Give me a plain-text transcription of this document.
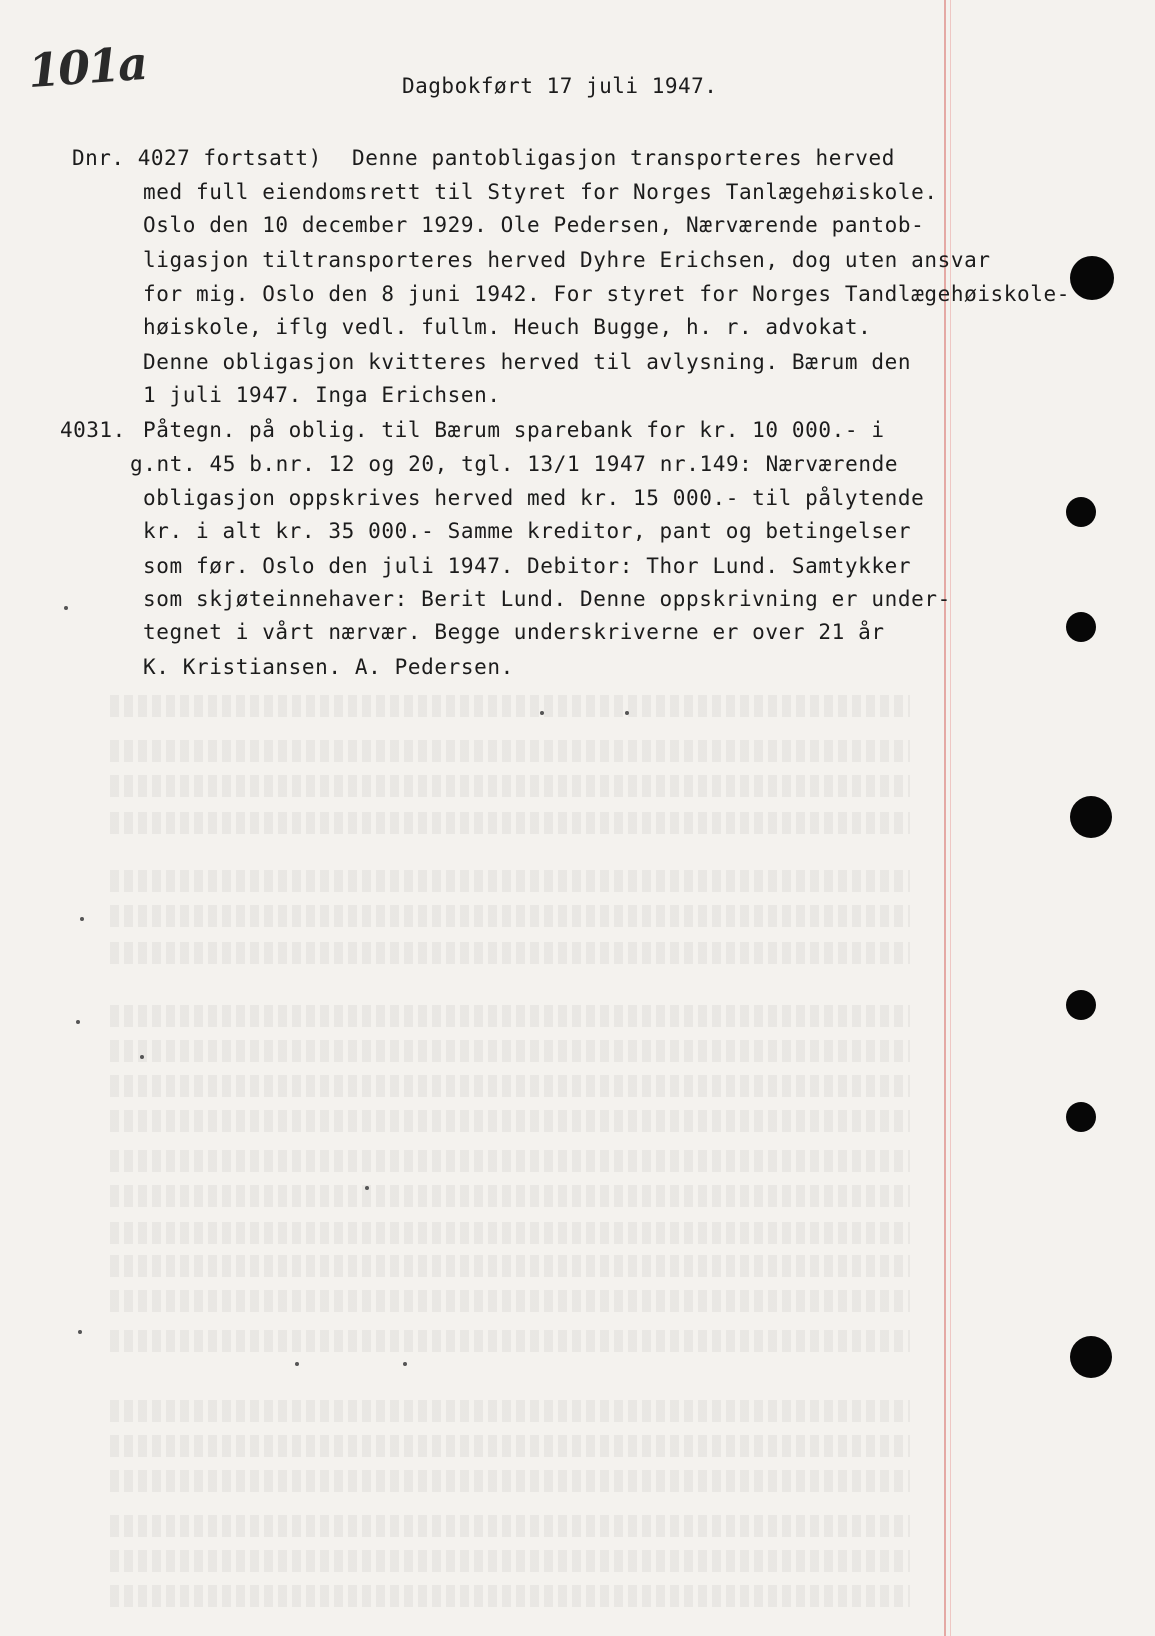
101a	Dagbokført 17 juli 1947.
Dnr. 4027 fortsatt) Denne pantobligasjon transporteres herved
med full eiendomsrett til Styret for Norges Tanlægehøiskole.
Oslo den 10 december 1929. Ole Pedersen, Nærværende pantob-
ligasjon tiltransporteres herved Dyhre Erichsen, dog uten ansvar
for mig. Oslo den 8 juni 1942. For styret for Norges Tandlægehøiskole-
høiskole, iflg vedl. fullm. Heuch Bugge, h. r. advokat.
Denne obligasjon kvitteres herved til avlysning. Bærum den
1 juli 1947. Inga Erichsen.
4031. Påtegn. på oblig. til Bærum sparebank for kr. 10 000.- i
g.nt. 45 b.nr. 12 og 20, tgl. 13/1 1947 nr.149: Nærværende
obligasjon oppskrives herved med kr. 15 000.- til pålytende
kr. i alt kr. 35 000.- Samme kreditor, pant og betingelser
som før. Oslo den juli 1947. Debitor: Thor Lund. Samtykker
som skjøteinnehaver: Berit Lund. Denne oppskrivning er under-
tegnet i vårt nærvær. Begge underskriverne er over 21 år
K. Kristiansen. A. Pedersen.
